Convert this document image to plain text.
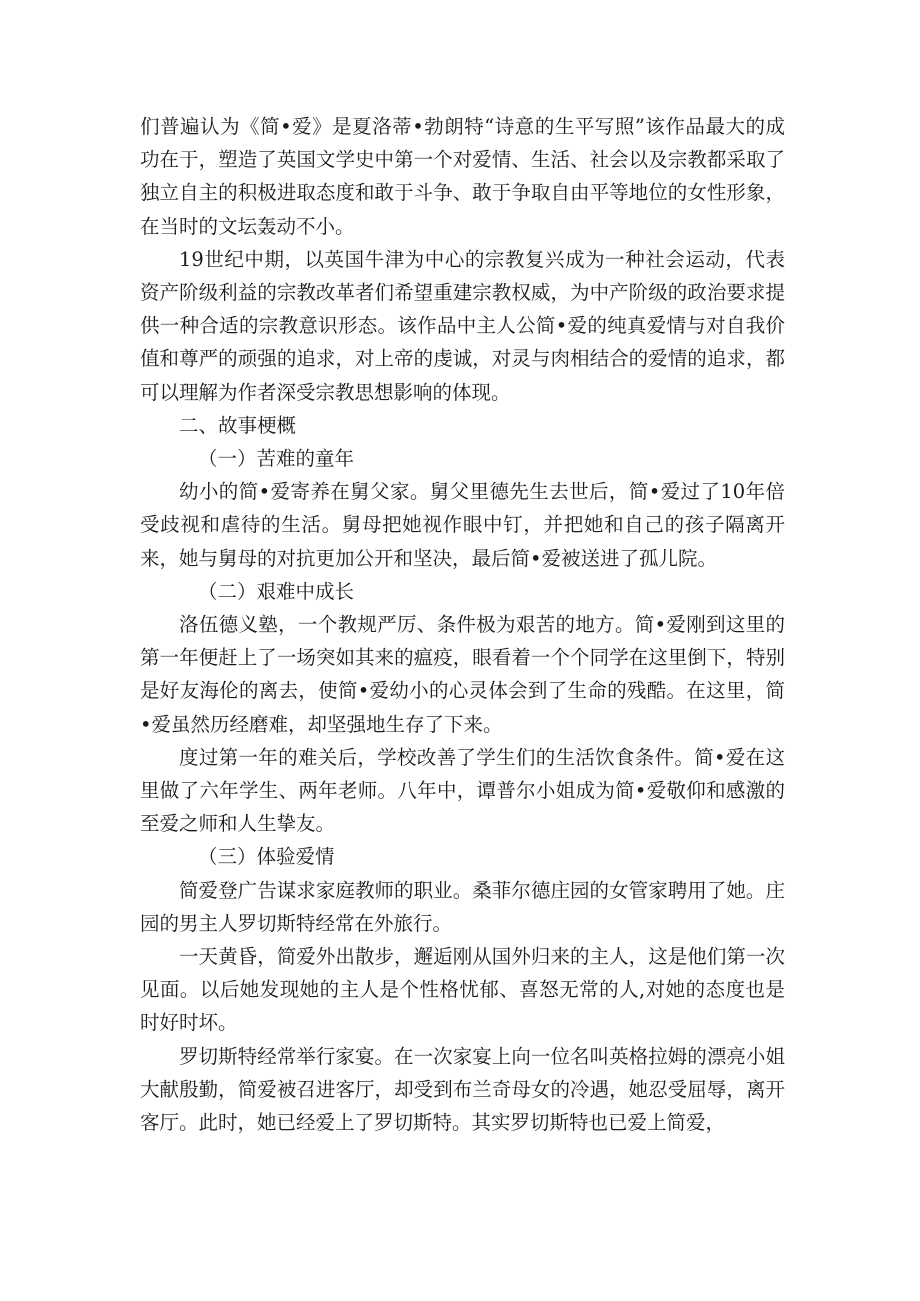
们普遍认为《简•爱》是夏洛蒂•勃朗特“诗意的生平写照”该作品最大的成功在于，塑造了英国文学史中第一个对爱情、生活、社会以及宗教都采取了独立自主的积极进取态度和敢于斗争、敢于争取自由平等地位的女性形象，在当时的文坛轰动不小。

19世纪中期，以英国牛津为中心的宗教复兴成为一种社会运动，代表资产阶级利益的宗教改革者们希望重建宗教权威，为中产阶级的政治要求提供一种合适的宗教意识形态。该作品中主人公简•爱的纯真爱情与对自我价值和尊严的顽强的追求，对上帝的虔诚，对灵与肉相结合的爱情的追求，都可以理解为作者深受宗教思想影响的体现。

二、故事梗概

（一）苦难的童年

幼小的简•爱寄养在舅父家。舅父里德先生去世后，简•爱过了10年倍受歧视和虐待的生活。舅母把她视作眼中钉，并把她和自己的孩子隔离开来，她与舅母的对抗更加公开和坚决，最后简•爱被送进了孤儿院。

（二）艰难中成长

洛伍德义塾，一个教规严厉、条件极为艰苦的地方。简•爱刚到这里的第一年便赶上了一场突如其来的瘟疫，眼看着一个个同学在这里倒下，特别是好友海伦的离去，使简•爱幼小的心灵体会到了生命的残酷。在这里，简•爱虽然历经磨难，却坚强地生存了下来。

度过第一年的难关后，学校改善了学生们的生活饮食条件。简•爱在这里做了六年学生、两年老师。八年中，谭普尔小姐成为简•爱敬仰和感激的至爱之师和人生挚友。

（三）体验爱情

简爱登广告谋求家庭教师的职业。桑菲尔德庄园的女管家聘用了她。庄园的男主人罗切斯特经常在外旅行。

一天黄昏，简爱外出散步，邂逅刚从国外归来的主人，这是他们第一次见面。以后她发现她的主人是个性格忧郁、喜怒无常的人,对她的态度也是时好时坏。

罗切斯特经常举行家宴。在一次家宴上向一位名叫英格拉姆的漂亮小姐大献殷勤，简爱被召进客厅，却受到布兰奇母女的冷遇，她忍受屈辱，离开客厅。此时，她已经爱上了罗切斯特。其实罗切斯特也已爱上简爱，
